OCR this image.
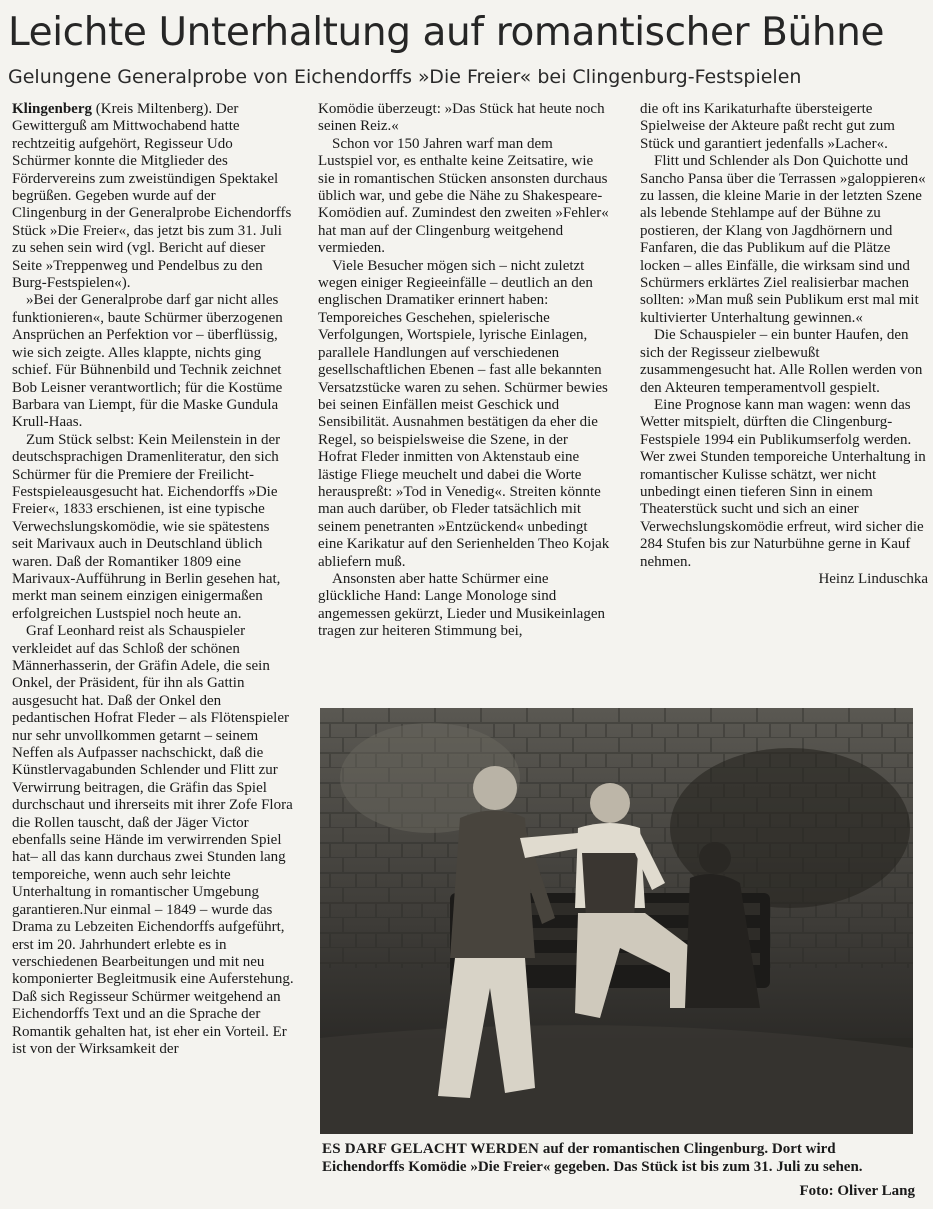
Leichte Unterhaltung auf romantischer Bühne
Gelungene Generalprobe von Eichendorffs »Die Freier« bei Clingenburg-Festspielen

Klingenberg (Kreis Miltenberg). Der Gewitterguß am Mittwochabend hatte rechtzeitig aufgehört, Regisseur Udo Schürmer konnte die Mitglieder des Fördervereins zum zweistündigen Spektakel begrüßen. Gegeben wurde auf der Clingenburg in der Generalprobe Eichendorffs Stück »Die Freier«, das jetzt bis zum 31. Juli zu sehen sein wird (vgl. Bericht auf dieser Seite »Treppenweg und Pendelbus zu den Burg-Festspielen«).

»Bei der Generalprobe darf gar nicht alles funktionieren«, baute Schürmer überzogenen Ansprüchen an Perfektion vor – überflüssig, wie sich zeigte. Alles klappte, nichts ging schief. Für Bühnenbild und Technik zeichnet Bob Leisner verantwortlich; für die Kostüme Barbara van Liempt, für die Maske Gundula Krull-Haas.

Zum Stück selbst: Kein Meilenstein in der deutschsprachigen Dramenliteratur, den sich Schürmer für die Premiere der Freilicht-Festspieleausgesucht hat. Eichendorffs »Die Freier«, 1833 erschienen, ist eine typische Verwechslungskomödie, wie sie spätestens seit Marivaux auch in Deutschland üblich waren. Daß der Romantiker 1809 eine Marivaux-Aufführung in Berlin gesehen hat, merkt man seinem einzigen einigermaßen erfolgreichen Lustspiel noch heute an.

Graf Leonhard reist als Schauspieler verkleidet auf das Schloß der schönen Männerhasserin, der Gräfin Adele, die sein Onkel, der Präsident, für ihn als Gattin ausgesucht hat. Daß der Onkel den pedantischen Hofrat Fleder – als Flötenspieler nur sehr unvollkommen getarnt – seinem Neffen als Aufpasser nachschickt, daß die Künstlervagabunden Schlender und Flitt zur Verwirrung beitragen, die Gräfin das Spiel durchschaut und ihrerseits mit ihrer Zofe Flora die Rollen tauscht, daß der Jäger Victor ebenfalls seine Hände im verwirrenden Spiel hat– all das kann durchaus zwei Stunden lang temporeiche, wenn auch sehr leichte Unterhaltung in romantischer Umgebung garantieren.Nur einmal – 1849 – wurde das Drama zu Lebzeiten Eichendorffs aufgeführt, erst im 20. Jahrhundert erlebte es in verschiedenen Bearbeitungen und mit neu komponierter Begleitmusik eine Auferstehung. Daß sich Regisseur Schürmer weitgehend an Eichendorffs Text und an die Sprache der Romantik gehalten hat, ist eher ein Vorteil. Er ist von der Wirksamkeit der

Komödie überzeugt: »Das Stück hat heute noch seinen Reiz.«

Schon vor 150 Jahren warf man dem Lustspiel vor, es enthalte keine Zeitsatire, wie sie in romantischen Stücken ansonsten durchaus üblich war, und gebe die Nähe zu Shakespeare-Komödien auf. Zumindest den zweiten »Fehler« hat man auf der Clingenburg weitgehend vermieden.

Viele Besucher mögen sich – nicht zuletzt wegen einiger Regieeinfälle – deutlich an den englischen Dramatiker erinnert haben: Temporeiches Geschehen, spielerische Verfolgungen, Wortspiele, lyrische Einlagen, parallele Handlungen auf verschiedenen gesellschaftlichen Ebenen – fast alle bekannten Versatzstücke waren zu sehen. Schürmer bewies bei seinen Einfällen meist Geschick und Sensibilität. Ausnahmen bestätigen da eher die Regel, so beispielsweise die Szene, in der Hofrat Fleder inmitten von Aktenstaub eine lästige Fliege meuchelt und dabei die Worte herauspreßt: »Tod in Venedig«. Streiten könnte man auch darüber, ob Fleder tatsächlich mit seinem penetranten »Entzückend« unbedingt eine Karikatur auf den Serienhelden Theo Kojak abliefern muß.

Ansonsten aber hatte Schürmer eine glückliche Hand: Lange Monologe sind angemessen gekürzt, Lieder und Musikeinlagen tragen zur heiteren Stimmung bei,

die oft ins Karikaturhafte übersteigerte Spielweise der Akteure paßt recht gut zum Stück und garantiert jedenfalls »Lacher«.

Flitt und Schlender als Don Quichotte und Sancho Pansa über die Terrassen »galoppieren« zu lassen, die kleine Marie in der letzten Szene als lebende Stehlampe auf der Bühne zu postieren, der Klang von Jagdhörnern und Fanfaren, die das Publikum auf die Plätze locken – alles Einfälle, die wirksam sind und Schürmers erklärtes Ziel realisierbar machen sollten: »Man muß sein Publikum erst mal mit kultivierter Unterhaltung gewinnen.«

Die Schauspieler – ein bunter Haufen, den sich der Regisseur zielbewußt zusammengesucht hat. Alle Rollen werden von den Akteuren temperamentvoll gespielt.

Eine Prognose kann man wagen: wenn das Wetter mitspielt, dürften die Clingenburg-Festspiele 1994 ein Publikumserfolg werden. Wer zwei Stunden temporeiche Unterhaltung in romantischer Kulisse schätzt, wer nicht unbedingt einen tieferen Sinn in einem Theaterstück sucht und sich an einer Verwechslungskomödie erfreut, wird sicher die 284 Stufen bis zur Naturbühne gerne in Kauf nehmen.

Heinz Linduschka

ES DARF GELACHT WERDEN auf der romantischen Clingenburg. Dort wird Eichendorffs Komödie »Die Freier« gegeben. Das Stück ist bis zum 31. Juli zu sehen.
Foto: Oliver Lang
